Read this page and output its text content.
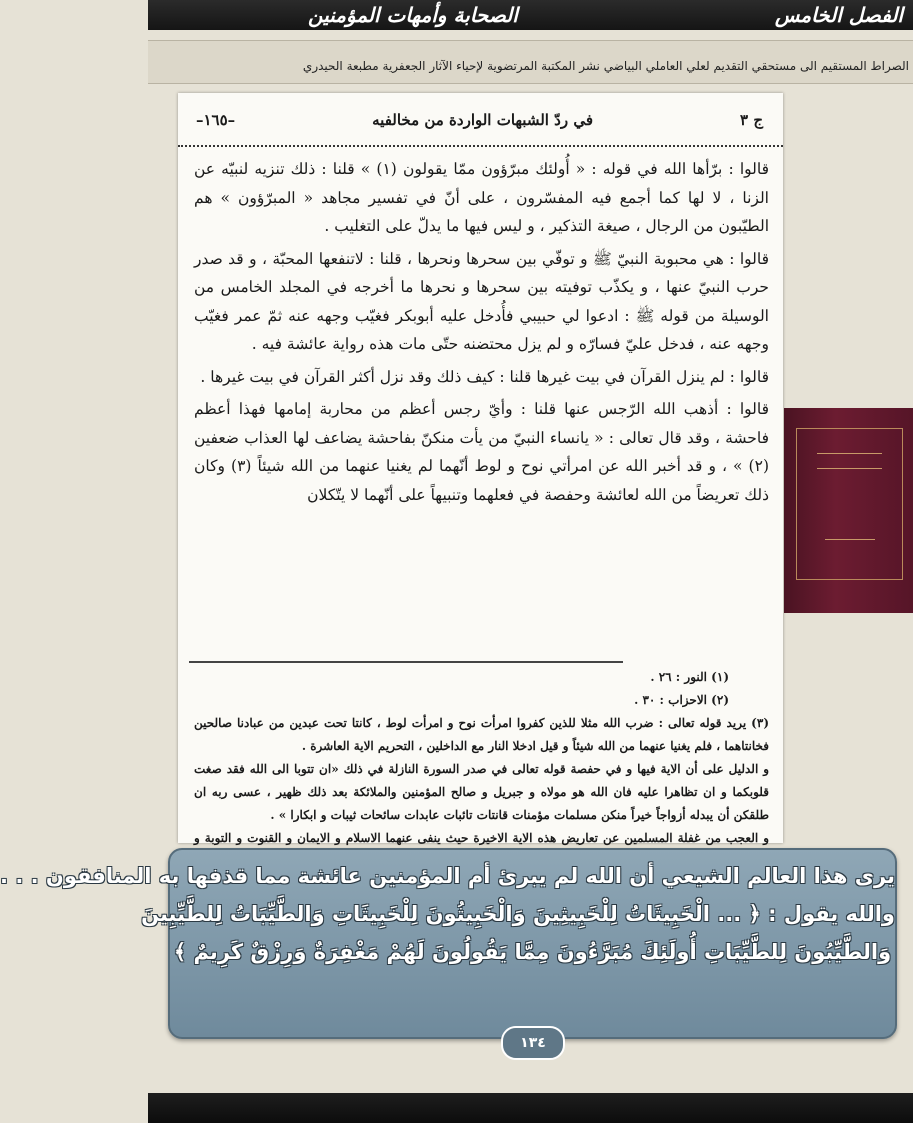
الفصل الخامس
الصحابة وأمهات المؤمنين
الصراط المستقيم الى مستحقي التقديم لعلي العاملي البياضي نشر المكتبة المرتضوية لإحياء الآثار الجعفرية مطبعة الحيدري
ج ٣
في ردّ الشبهات الواردة من مخالفيه
–١٦٥–

قالوا : برّأها الله في قوله : « أُولئك مبرّؤون ممّا يقولون (١) » قلنا : ذلك تنزيه لنبيّه عن الزنا ، لا لها كما أجمع فيه المفسّرون ، على أنّ في تفسير مجاهد « المبرّؤون » هم الطيّبون من الرجال ، صيغة التذكير ، و ليس فيها ما يدلّ على التغليب .

قالوا : هي محبوبة النبيّ ﷺ و توفّي بين سحرها ونحرها ، قلنا : لاتنفعها المحبّة ، و قد صدر حرب النبيّ عنها ، و يكذّب توفيته بين سحرها و نحرها ما أخرجه في المجلد الخامس من الوسيلة من قوله ﷺ : ادعوا لي حبيبي فأُدخل عليه أبوبكر فغيّب وجهه عنه ثمّ عمر فغيّب وجهه عنه ، فدخل عليّ فسارّه و لم يزل محتضنه حتّى مات هذه رواية عائشة فيه .

قالوا : لم ينزل القرآن في بيت غيرها قلنا : كيف ذلك وقد نزل أكثر القرآن في بيت غيرها .

قالوا : أذهب الله الرّجس عنها قلنا : وأيّ رجس أعظم من محاربة إمامها فهذا أعظم فاحشة ، وقد قال تعالى : « يانساء النبيّ من يأت منكنّ بفاحشة يضاعف لها العذاب ضعفين (٢) » ، و قد أخبر الله عن امرأتي نوح و لوط أنّهما لم يغنيا عنهما من الله شيئاً (٣) وكان ذلك تعريضاً من الله لعائشة وحفصة في فعلهما وتنبيهاً على أنّهما لا يتّكلان

(١) النور : ٢٦ .

(٢) الاحزاب : ٣٠ .

(٣) يريد قوله تعالى : ضرب الله مثلا للذين كفروا امرأت نوح و امرأت لوط ، كانتا تحت عبدين من عبادنا صالحين فخانتاهما ، فلم يغنيا عنهما من الله شيئاً و قيل ادخلا النار مع الداخلين ، التحريم الاية العاشرة .

و الدليل على أن الاية فيها و في حفصة قوله تعالى في صدر السورة النازلة في ذلك «ان تتوبا الى الله فقد صغت قلوبكما و ان تظاهرا عليه فان الله هو مولاه و جبريل و صالح المؤمنين والملائكة بعد ذلك ظهير ، عسى ربه ان طلقكن أن يبدله أزواجاً خيراً منكن مسلمات مؤمنات قانتات تائبات عابدات سائحات ثيبات و ابكارا » .

و العجب من غفلة المسلمين عن تعاريض هذه الاية الاخيرة حيث ينفى عنهما الاسلام و الايمان و القنوت و التوبة و

يرى هذا العالم الشيعي أن الله لم يبرئ أم المؤمنين عائشة مما قذفها به المنافقون . . .

والله يقول : ﴿ ... الْخَبِيثَاتُ لِلْخَبِيثِينَ وَالْخَبِيثُونَ لِلْخَبِيثَاتِ وَالطَّيِّبَاتُ لِلطَّيِّبِينَ

وَالطَّيِّبُونَ لِلطَّيِّبَاتِ أُولَئِكَ مُبَرَّءُونَ مِمَّا يَقُولُونَ لَهُمْ مَغْفِرَةٌ وَرِزْقٌ كَرِيمٌ ﴾

١٣٤
